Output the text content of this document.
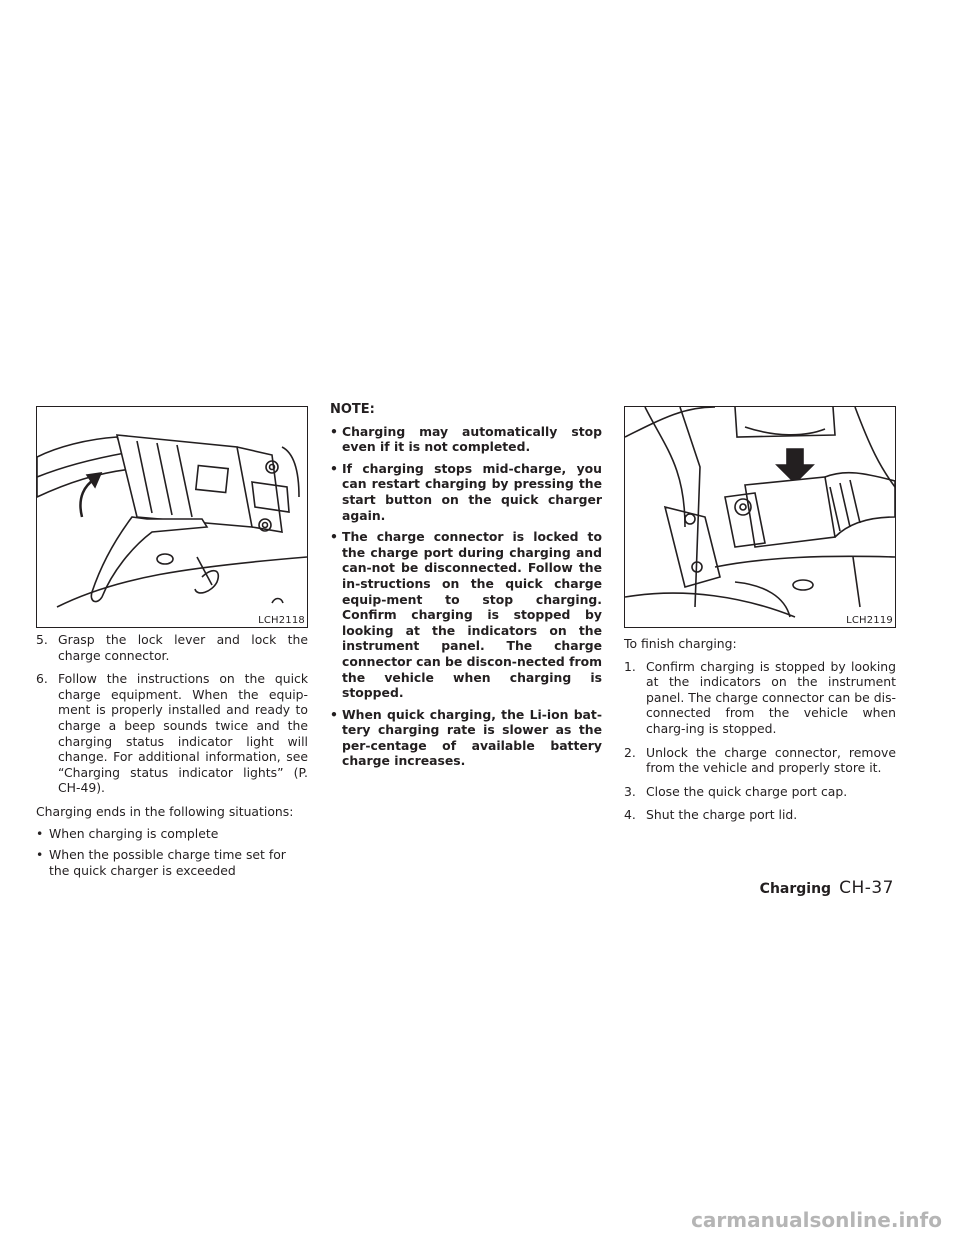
LCH2118

5. Grasp the lock lever and lock the charge connector.

6. Follow the instructions on the quick charge equipment. When the equip-ment is properly installed and ready to charge a beep sounds twice and the charging status indicator light will change. For additional information, see “Charging status indicator lights” (P. CH-49).

Charging ends in the following situations:

• When charging is complete

• When the possible charge time set for the quick charger is exceeded

NOTE:

• Charging may automatically stop even if it is not completed.

• If charging stops mid-charge, you can restart charging by pressing the start button on the quick charger again.

• The charge connector is locked to the charge port during charging and can-not be disconnected. Follow the in-structions on the quick charge equip-ment to stop charging. Confirm charging is stopped by looking at the indicators on the instrument panel. The charge connector can be discon-nected from the vehicle when charging is stopped.

• When quick charging, the Li-ion bat-tery charging rate is slower as the per-centage of available battery charge increases.

LCH2119

To finish charging:

1. Confirm charging is stopped by looking at the indicators on the instrument panel. The charge connector can be dis-connected from the vehicle when charg-ing is stopped.

2. Unlock the charge connector, remove from the vehicle and properly store it.

3. Close the quick charge port cap.

4. Shut the charge port lid.

Charging CH-37
carmanualsonline.info
